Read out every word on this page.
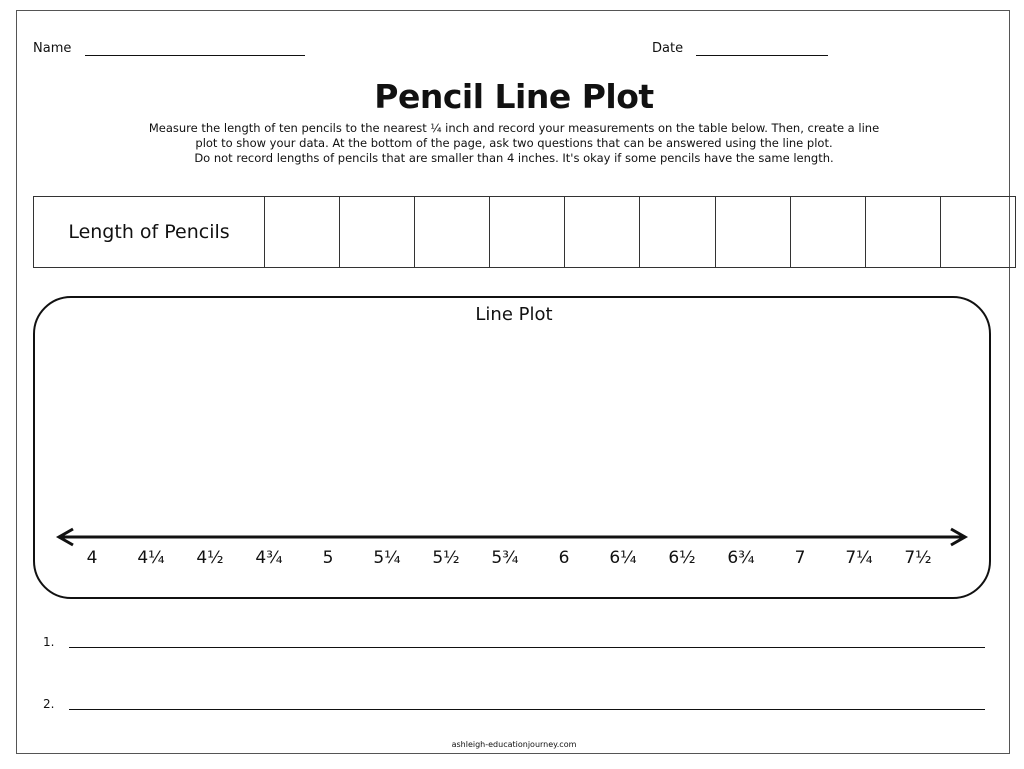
Name	Date
Pencil Line Plot
Measure the length of ten pencils to the nearest ¼ inch and record your measurements on the table below. Then, create a line
plot to show your data. At the bottom of the page, ask two questions that can be answered using the line plot.
Do not record lengths of pencils that are smaller than 4 inches. It's okay if some pencils have the same length.
Length of Pencils										
Line Plot
4	4¼	4½	4¾	5	5¼	5½	5¾	6	6¼	6½	6¾	7	7¼	7½
1.
2.
ashleigh-educationjourney.com
